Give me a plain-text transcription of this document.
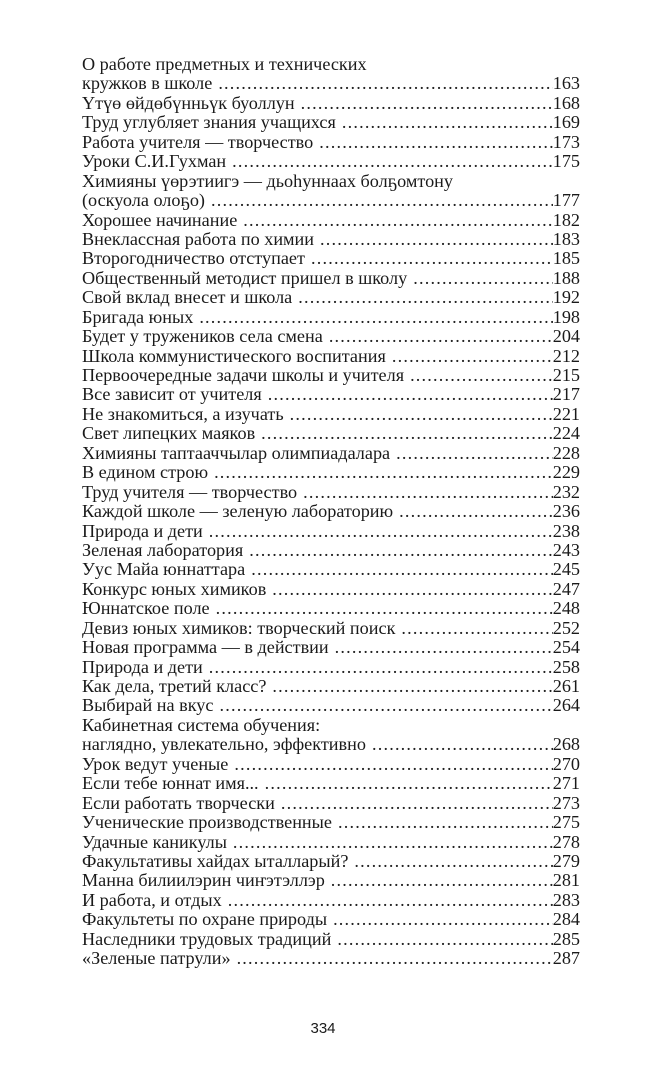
О работе предметных и технических
кружков в школе .....	163
Үтүө өйдөбүнньүк буоллун .....	168
Труд углубляет знания учащихся .....	169
Работа учителя — творчество .....	173
Уроки С.И.Гухман .....	175
Химияны үөрэтиигэ — дьоһуннаах болҕомтону
(оскуола олоҕо) .....	177
Хорошее начинание .....	182
Внеклассная работа по химии .....	183
Второгодничество отступает .....	185
Общественный методист пришел в школу .....	188
Свой вклад внесет и школа .....	192
Бригада юных .....	198
Будет у тружеников села смена .....	204
Школа коммунистического воспитания .....	212
Первоочередные задачи школы и учителя .....	215
Все зависит от учителя .....	217
Не знакомиться, а изучать .....	221
Свет липецких маяков .....	224
Химияны таптааччылар олимпиадалара .....	228
В едином строю .....	229
Труд учителя — творчество .....	232
Каждой школе — зеленую лабораторию .....	236
Природа и дети .....	238
Зеленая лаборатория .....	243
Уус Майа юннаттара .....	245
Конкурс юных химиков .....	247
Юннатское поле .....	248
Девиз юных химиков: творческий поиск .....	252
Новая программа — в действии .....	254
Природа и дети .....	258
Как дела, третий класс? .....	261
Выбирай на вкус .....	264
Кабинетная система обучения:
наглядно, увлекательно, эффективно .....	268
Урок ведут ученые .....	270
Если тебе юннат имя... .....	271
Если работать творчески .....	273
Ученические производственные .....	275
Удачные каникулы .....	278
Факультативы хайдах ыталларый? .....	279
Манна билиилэрин чиҥэтэллэр .....	281
И работа, и отдых .....	283
Факультеты по охране природы .....	284
Наследники трудовых традиций .....	285
«Зеленые патрули» .....	287
334
